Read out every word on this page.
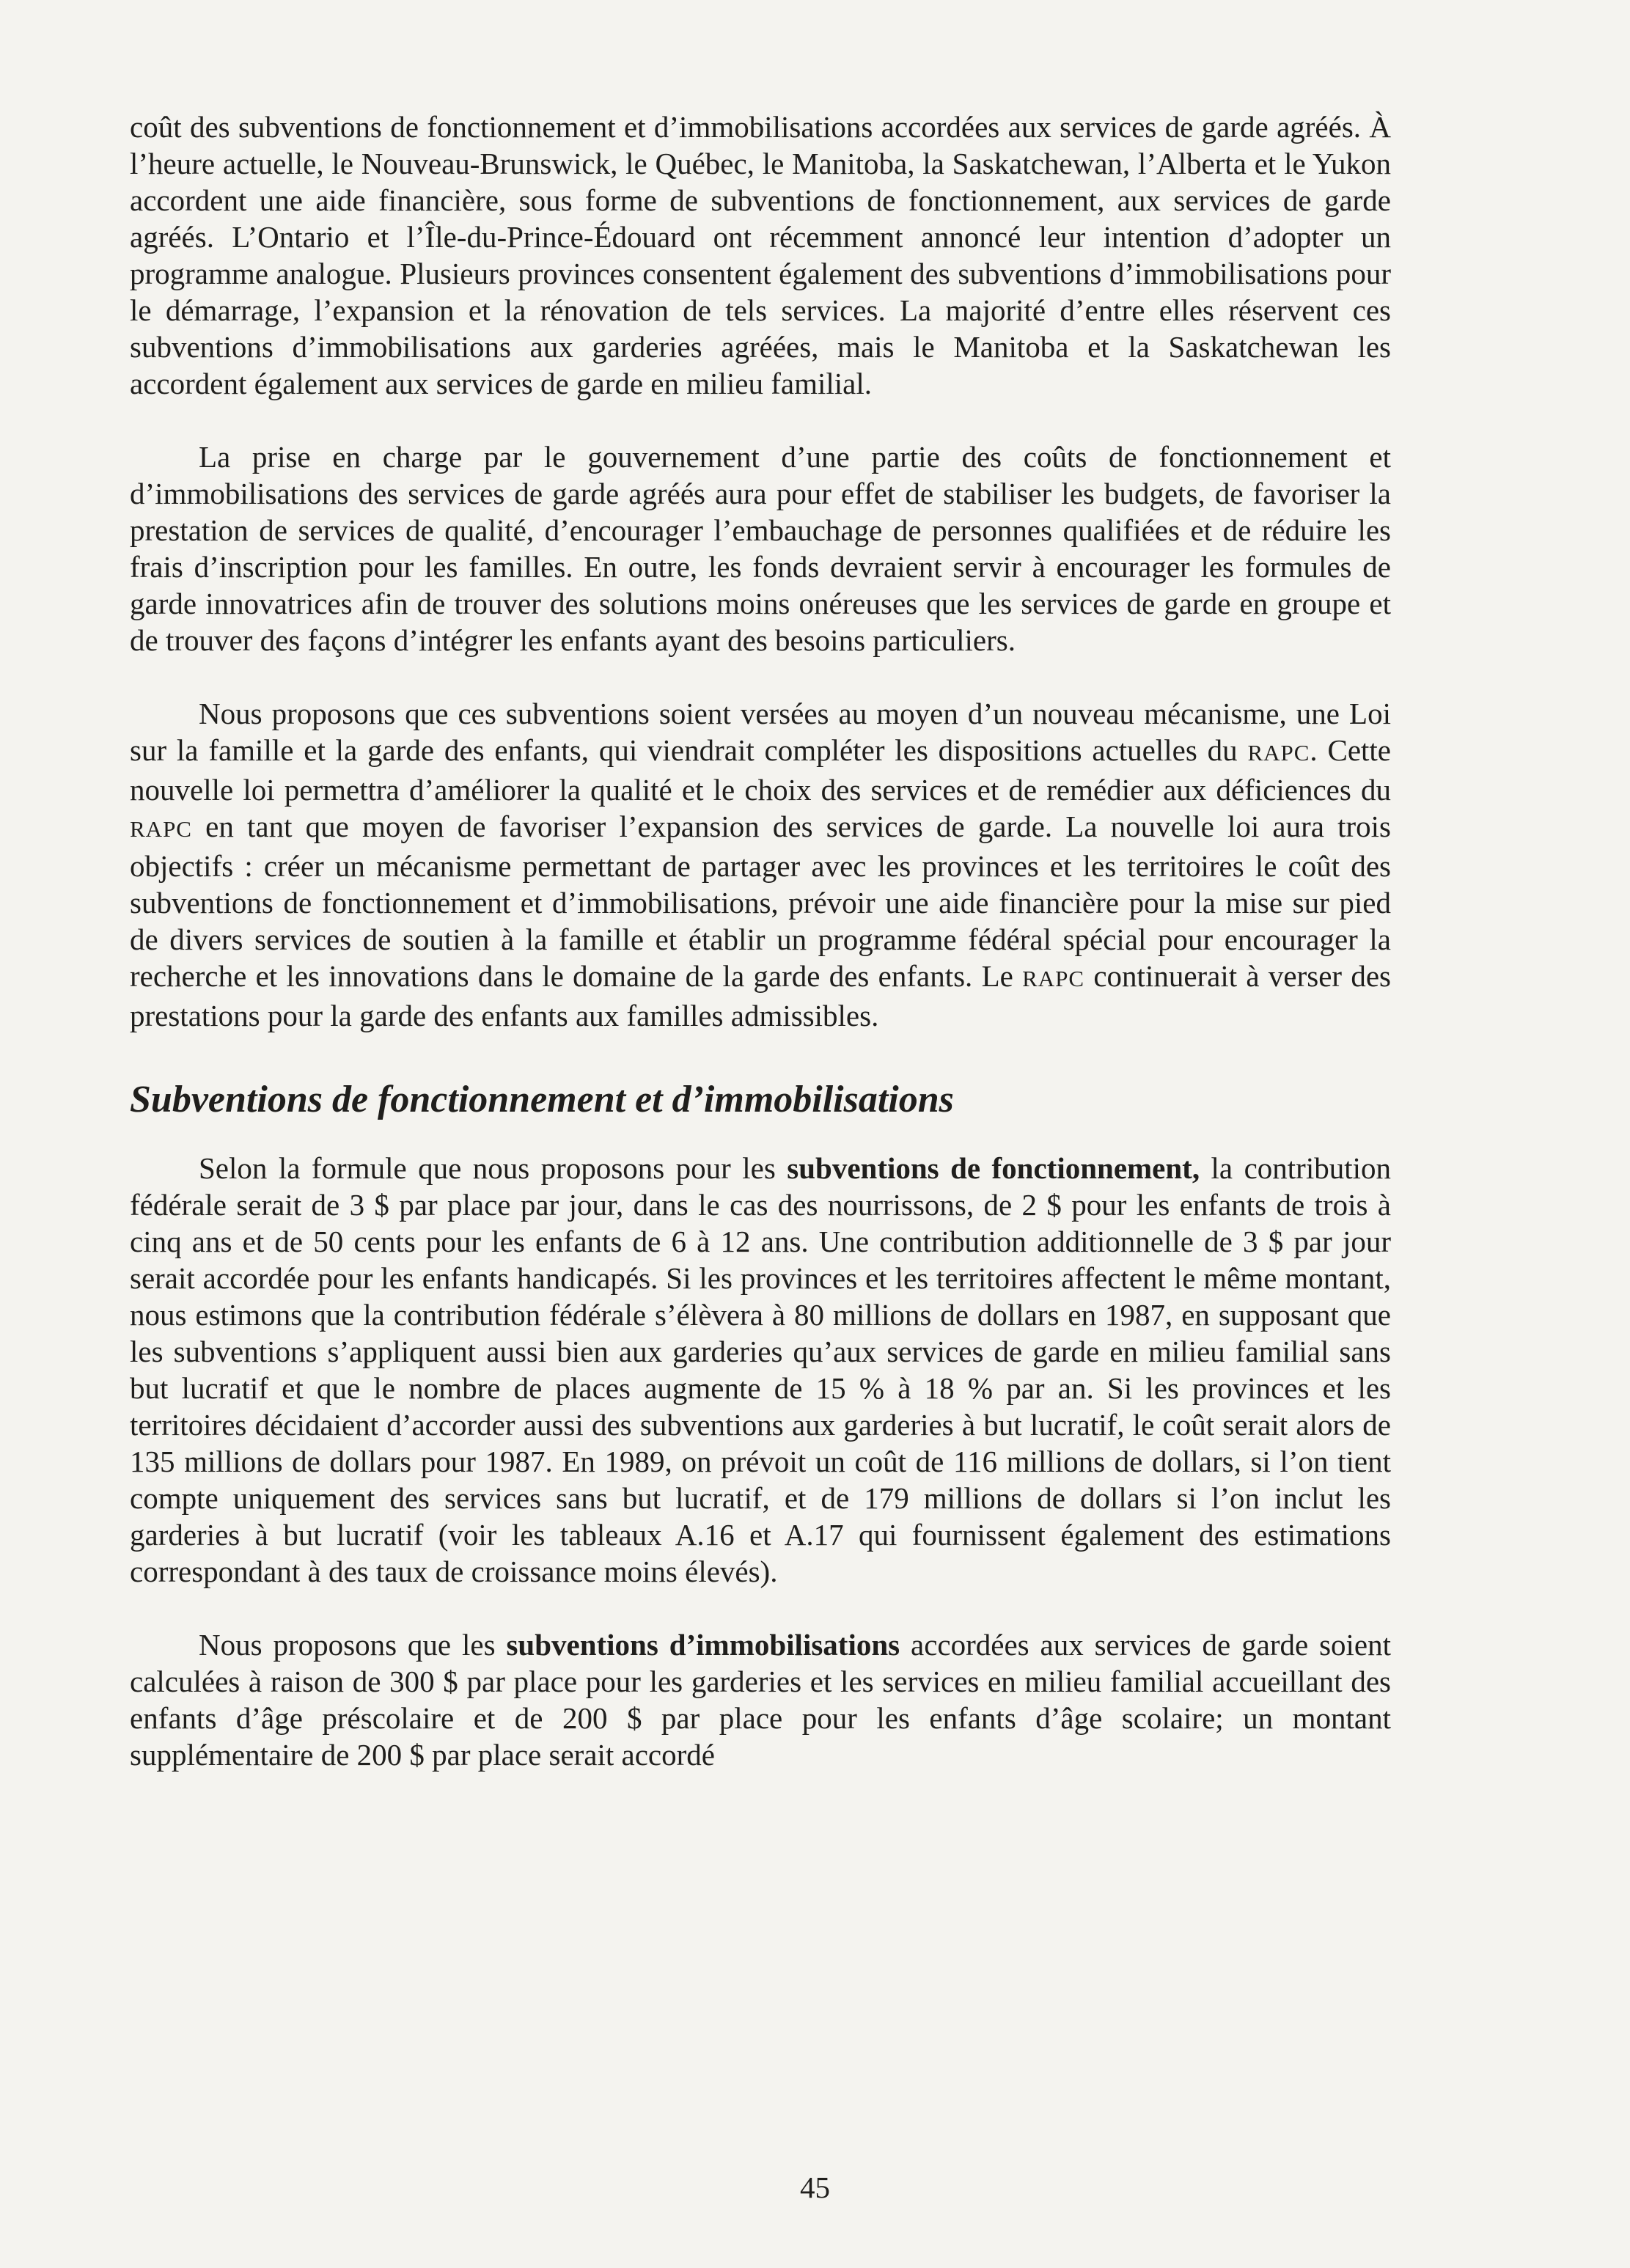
coût des subventions de fonctionnement et d’immobilisations accordées aux services de garde agréés. À l’heure actuelle, le Nouveau-Brunswick, le Québec, le Manitoba, la Saskatchewan, l’Alberta et le Yukon accordent une aide financière, sous forme de subventions de fonctionnement, aux services de garde agréés. L’Ontario et l’Île-du-Prince-Édouard ont récemment annoncé leur intention d’adopter un programme analogue. Plusieurs provinces consentent également des subventions d’immobilisations pour le démarrage, l’expansion et la rénovation de tels services. La majorité d’entre elles réservent ces subventions d’immobilisations aux garderies agréées, mais le Manitoba et la Saskatchewan les accordent également aux services de garde en milieu familial.

La prise en charge par le gouvernement d’une partie des coûts de fonctionnement et d’immobilisations des services de garde agréés aura pour effet de stabiliser les budgets, de favoriser la prestation de services de qualité, d’encourager l’embauchage de personnes qualifiées et de réduire les frais d’inscription pour les familles. En outre, les fonds devraient servir à encourager les formules de garde innovatrices afin de trouver des solutions moins onéreuses que les services de garde en groupe et de trouver des façons d’intégrer les enfants ayant des besoins particuliers.

Nous proposons que ces subventions soient versées au moyen d’un nouveau mécanisme, une Loi sur la famille et la garde des enfants, qui viendrait compléter les dispositions actuelles du RAPC. Cette nouvelle loi permettra d’améliorer la qualité et le choix des services et de remédier aux déficiences du RAPC en tant que moyen de favoriser l’expansion des services de garde. La nouvelle loi aura trois objectifs : créer un mécanisme permettant de partager avec les provinces et les territoires le coût des subventions de fonctionnement et d’immobilisations, prévoir une aide financière pour la mise sur pied de divers services de soutien à la famille et établir un programme fédéral spécial pour encourager la recherche et les innovations dans le domaine de la garde des enfants. Le RAPC continuerait à verser des prestations pour la garde des enfants aux familles admissibles.

Subventions de fonctionnement et d’immobilisations

Selon la formule que nous proposons pour les subventions de fonctionnement, la contribution fédérale serait de 3 $ par place par jour, dans le cas des nourrissons, de 2 $ pour les enfants de trois à cinq ans et de 50 cents pour les enfants de 6 à 12 ans. Une contribution additionnelle de 3 $ par jour serait accordée pour les enfants handicapés. Si les provinces et les territoires affectent le même montant, nous estimons que la contribution fédérale s’élèvera à 80 millions de dollars en 1987, en supposant que les subventions s’appliquent aussi bien aux garderies qu’aux services de garde en milieu familial sans but lucratif et que le nombre de places augmente de 15 % à 18 % par an. Si les provinces et les territoires décidaient d’accorder aussi des subventions aux garderies à but lucratif, le coût serait alors de 135 millions de dollars pour 1987. En 1989, on prévoit un coût de 116 millions de dollars, si l’on tient compte uniquement des services sans but lucratif, et de 179 millions de dollars si l’on inclut les garderies à but lucratif (voir les tableaux A.16 et A.17 qui fournissent également des estimations correspondant à des taux de croissance moins élevés).

Nous proposons que les subventions d’immobilisations accordées aux services de garde soient calculées à raison de 300 $ par place pour les garderies et les services en milieu familial accueillant des enfants d’âge préscolaire et de 200 $ par place pour les enfants d’âge scolaire; un montant supplémentaire de 200 $ par place serait accordé

45
